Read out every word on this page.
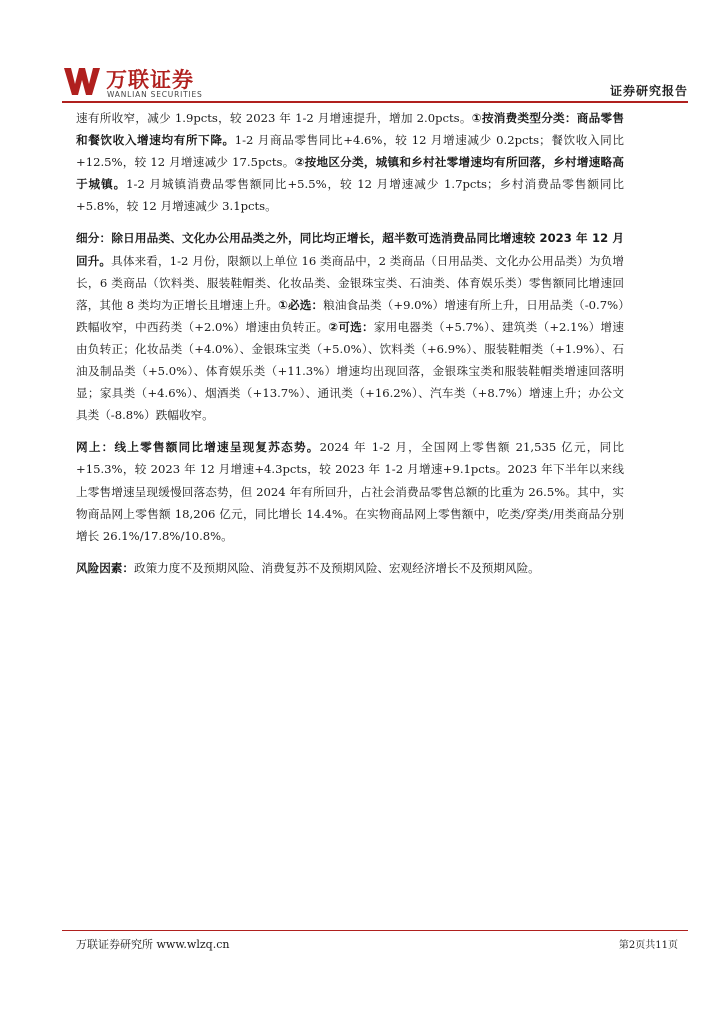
万联证券
WANLIAN SECURITIES	证券研究报告

速有所收窄，减少 1.9pcts，较 2023 年 1-2 月增速提升，增加 2.0pcts。①按消费类型分类：商品零售和餐饮收入增速均有所下降。1-2 月商品零售同比+4.6%，较 12 月增速减少 0.2pcts；餐饮收入同比+12.5%，较 12 月增速减少 17.5pcts。②按地区分类，城镇和乡村社零增速均有所回落，乡村增速略高于城镇。1-2 月城镇消费品零售额同比+5.5%，较 12 月增速减少 1.7pcts；乡村消费品零售额同比+5.8%，较 12 月增速减少 3.1pcts。

细分：除日用品类、文化办公用品类之外，同比均正增长，超半数可选消费品同比增速较 2023 年 12 月回升。具体来看，1-2 月份，限额以上单位 16 类商品中，2 类商品（日用品类、文化办公用品类）为负增长，6 类商品（饮料类、服装鞋帽类、化妆品类、金银珠宝类、石油类、体育娱乐类）零售额同比增速回落，其他 8 类均为正增长且增速上升。①必选：粮油食品类（+9.0%）增速有所上升，日用品类（-0.7%）跌幅收窄，中西药类（+2.0%）增速由负转正。②可选：家用电器类（+5.7%）、建筑类（+2.1%）增速由负转正；化妆品类（+4.0%）、金银珠宝类（+5.0%）、饮料类（+6.9%）、服装鞋帽类（+1.9%）、石油及制品类（+5.0%）、体育娱乐类（+11.3%）增速均出现回落，金银珠宝类和服装鞋帽类增速回落明显；家具类（+4.6%）、烟酒类（+13.7%）、通讯类（+16.2%）、汽车类（+8.7%）增速上升；办公文具类（-8.8%）跌幅收窄。

网上：线上零售额同比增速呈现复苏态势。2024 年 1-2 月，全国网上零售额 21,535 亿元，同比+15.3%，较 2023 年 12 月增速+4.3pcts，较 2023 年 1-2 月增速+9.1pcts。2023 年下半年以来线上零售增速呈现缓慢回落态势，但 2024 年有所回升，占社会消费品零售总额的比重为 26.5%。其中，实物商品网上零售额 18,206 亿元，同比增长 14.4%。在实物商品网上零售额中，吃类/穿类/用类商品分别增长 26.1%/17.8%/10.8%。

风险因素：政策力度不及预期风险、消费复苏不及预期风险、宏观经济增长不及预期风险。

万联证券研究所 www.wlzq.cn	第2页共11页
